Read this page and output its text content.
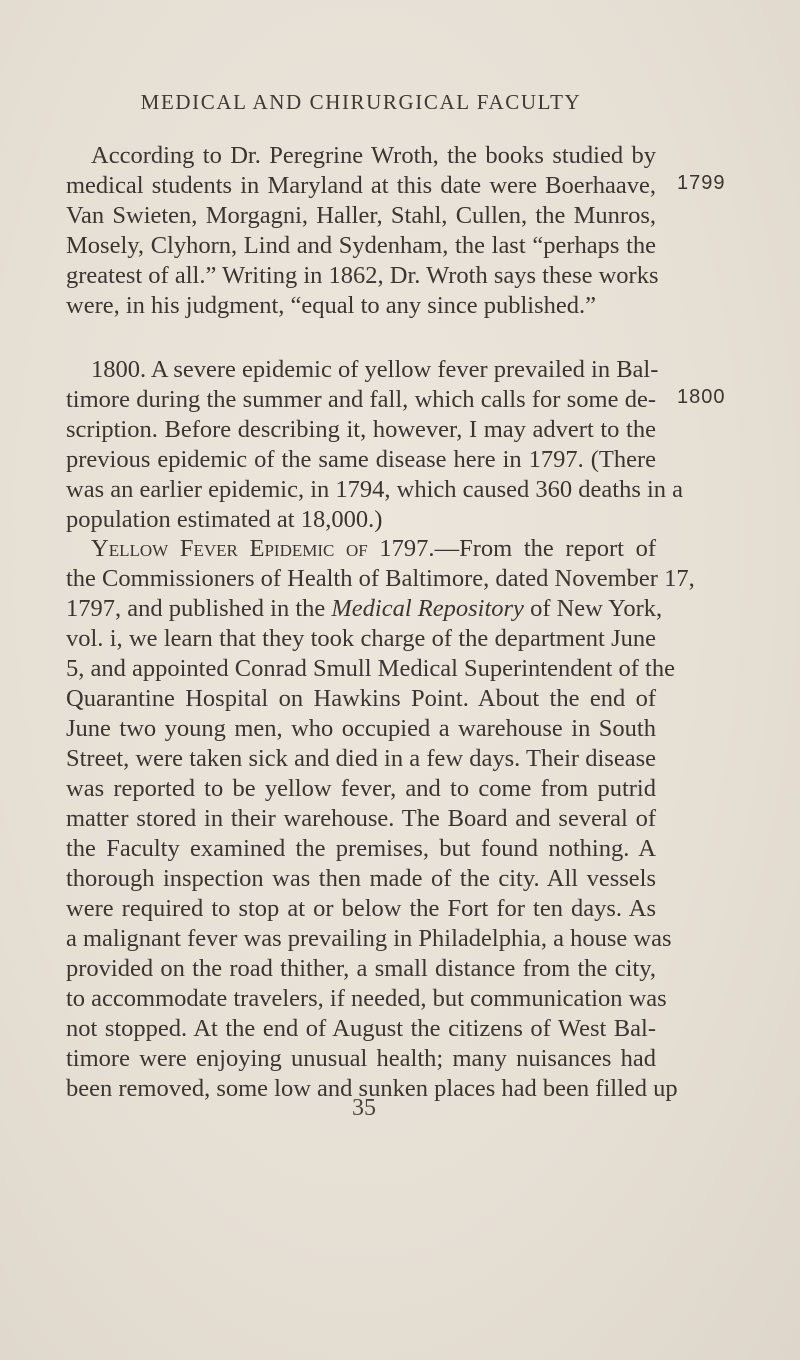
MEDICAL AND CHIRURGICAL FACULTY
According to Dr. Peregrine Wroth, the books studied by
medical students in Maryland at this date were Boerhaave,
Van Swieten, Morgagni, Haller, Stahl, Cullen, the Munros,
Mosely, Clyhorn, Lind and Sydenham, the last “perhaps the
greatest of all.” Writing in 1862, Dr. Wroth says these works
were, in his judgment, “equal to any since published.”
1800. A severe epidemic of yellow fever prevailed in Bal-
timore during the summer and fall, which calls for some de-
scription. Before describing it, however, I may advert to the
previous epidemic of the same disease here in 1797. (There
was an earlier epidemic, in 1794, which caused 360 deaths in a
population estimated at 18,000.)
Yellow Fever Epidemic of 1797.—From the report of
the Commissioners of Health of Baltimore, dated November 17,
1797, and published in the Medical Repository of New York,
vol. i, we learn that they took charge of the department June
5, and appointed Conrad Smull Medical Superintendent of the
Quarantine Hospital on Hawkins Point. About the end of
June two young men, who occupied a warehouse in South
Street, were taken sick and died in a few days. Their disease
was reported to be yellow fever, and to come from putrid
matter stored in their warehouse. The Board and several of
the Faculty examined the premises, but found nothing. A
thorough inspection was then made of the city. All vessels
were required to stop at or below the Fort for ten days. As
a malignant fever was prevailing in Philadelphia, a house was
provided on the road thither, a small distance from the city,
to accommodate travelers, if needed, but communication was
not stopped. At the end of August the citizens of West Bal-
timore were enjoying unusual health; many nuisances had
been removed, some low and sunken places had been filled up
1799
1800
35
